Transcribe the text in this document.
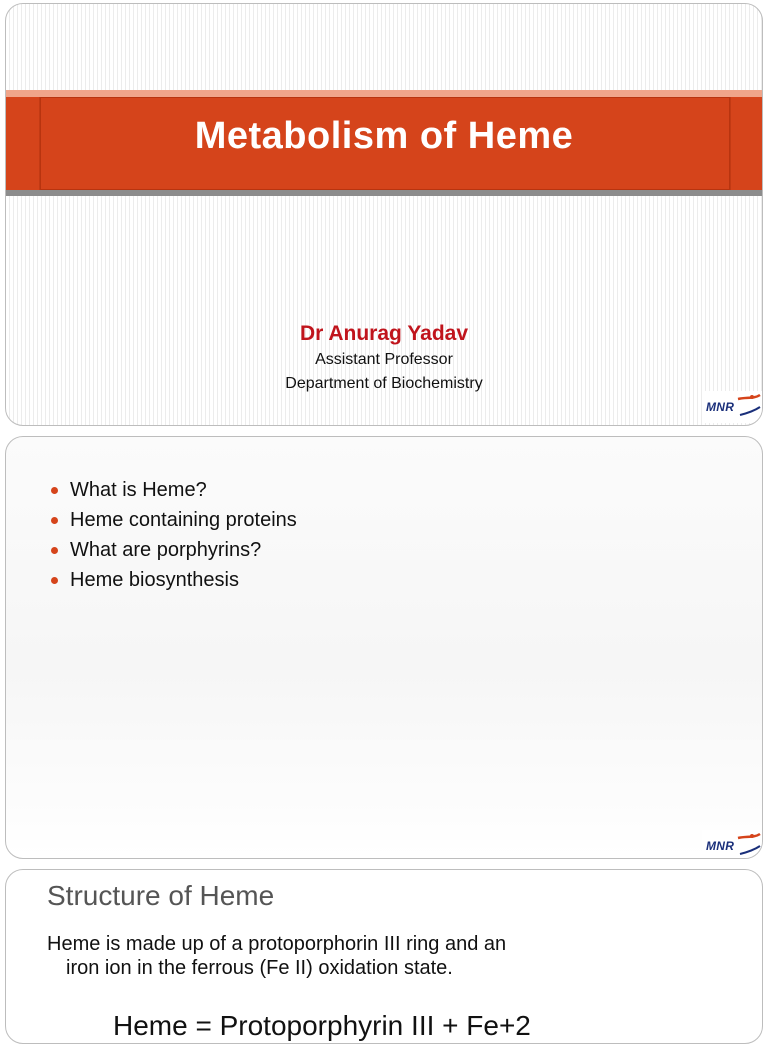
Metabolism of Heme
Dr Anurag Yadav
Assistant Professor
Department of Biochemistry
MNR
What is Heme?
Heme containing proteins
What are porphyrins?
Heme biosynthesis
MNR
Structure of Heme
Heme is made up of a protoporphorin III ring and an
iron ion in the ferrous (Fe II) oxidation state.
Heme = Protoporphyrin III + Fe+2
